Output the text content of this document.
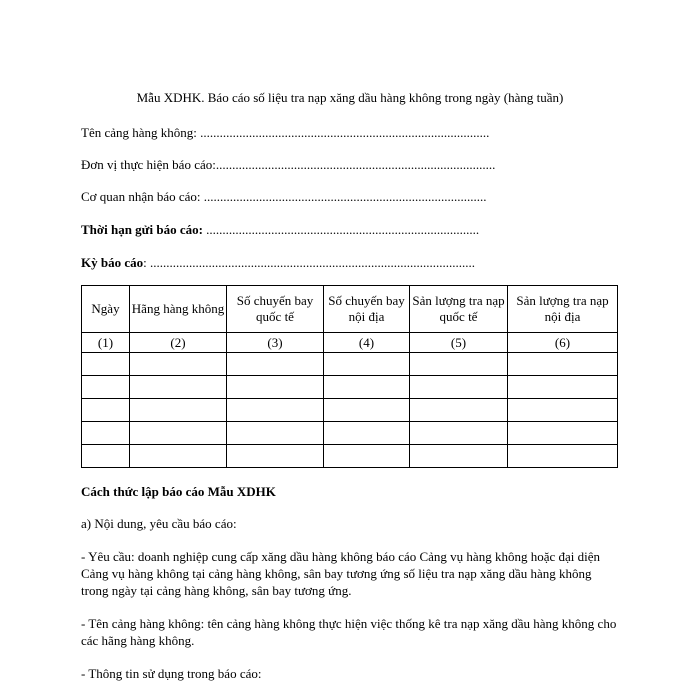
Mẫu XDHK. Báo cáo số liệu tra nạp xăng dầu hàng không trong ngày (hàng tuần)
Tên cảng hàng không: .........................................................................................
Đơn vị thực hiện báo cáo:......................................................................................
Cơ quan nhận báo cáo: .......................................................................................
Thời hạn gửi báo cáo: ....................................................................................
Kỳ báo cáo: ....................................................................................................
Ngày	Hãng hàng không	Số chuyến bay quốc tế	Số chuyến bay nội địa	Sản lượng tra nạp quốc tế	Sản lượng tra nạp nội địa
(1)	(2)	(3)	(4)	(5)	(6)

Cách thức lập báo cáo Mẫu XDHK
a) Nội dung, yêu cầu báo cáo:
- Yêu cầu: doanh nghiệp cung cấp xăng dầu hàng không báo cáo Cảng vụ hàng không hoặc đại diện Cảng vụ hàng không tại cảng hàng không, sân bay tương ứng số liệu tra nạp xăng dầu hàng không trong ngày tại cảng hàng không, sân bay tương ứng.
- Tên cảng hàng không: tên cảng hàng không thực hiện việc thống kê tra nạp xăng dầu hàng không cho các hãng hàng không.
- Thông tin sử dụng trong báo cáo:
